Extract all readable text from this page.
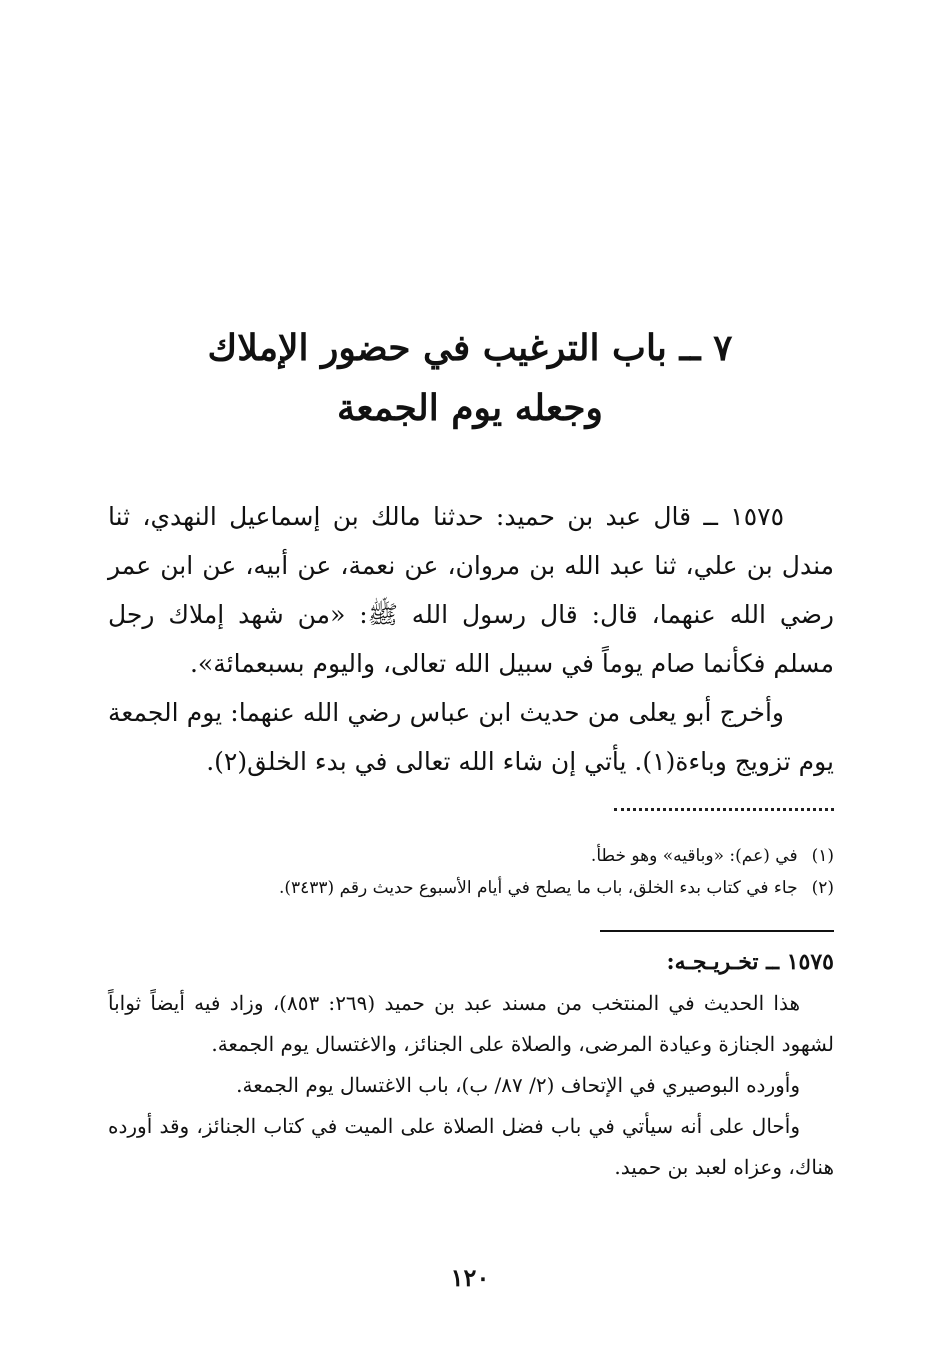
٧ ــ باب الترغيب في حضور الإملاك
وجعله يوم الجمعة

١٥٧٥ ــ قال عبد بن حميد: حدثنا مالك بن إسماعيل النهدي، ثنا مندل بن علي، ثنا عبد الله بن مروان، عن نعمة، عن أبيه، عن ابن عمر رضي الله عنهما، قال: قال رسول الله ﷺ: «من شهد إملاك رجل مسلم فكأنما صام يوماً في سبيل الله تعالى، واليوم بسبعمائة».

وأخرج أبو يعلى من حديث ابن عباس رضي الله عنهما: يوم الجمعة يوم تزويج وباءة(١). يأتي إن شاء الله تعالى في بدء الخلق(٢).

(١)في (عم): «وباقيه» وهو خطأ.

(٢)جاء في كتاب بدء الخلق، باب ما يصلح في أيام الأسبوع حديث رقم (٣٤٣٣).

١٥٧٥ ــ تخـريـجـه:

هذا الحديث في المنتخب من مسند عبد بن حميد (٢٦٩: ٨٥٣)، وزاد فيه أيضاً ثواباً لشهود الجنازة وعيادة المرضى، والصلاة على الجنائز، والاغتسال يوم الجمعة.

وأورده البوصيري في الإتحاف (٢/ ٨٧/ ب)، باب الاغتسال يوم الجمعة.

وأحال على أنه سيأتي في باب فضل الصلاة على الميت في كتاب الجنائز، وقد أورده هناك، وعزاه لعبد بن حميد.

١٢٠
